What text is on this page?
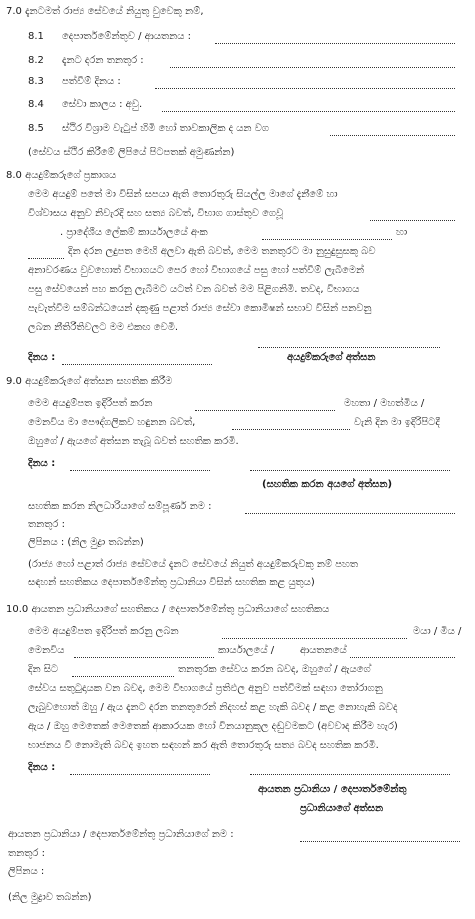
7.0 දැනටමත් රාජ්‍ය සේවයේ නියුතු වුවෙකු නම්,
8.1 දෙපාර්තමේන්තුව / ආයතනය :
8.2 දැනට දරන තනතුර :
8.3 පත්වීම් දිනය :
8.4 සේවා කාලය : අවු.
8.5 ස්ථිර විශ්‍රාම වැටුප් හිමි හෝ තාවකාලික ද යන වග
(සේවය ස්ථිර කිරීමේ ලිපියේ පිටපතක් අමුණන්න)
8.0 අයදුම්කරුගේ ප්‍රකාශය
මෙම අයදුම් පතේ මා විසින් සපයා ඇති තොරතුරු සියල්ල මාගේ දැනීමේ හා
විශ්වාසය අනුව නිවැරදි සහ සත්‍ය බවත්, විභාග ගාස්තුව ගෙවූ
. ප්‍රාදේශීය ලේකම් කාර්යාලයේ අංක	හා
දින දරන ලදුපත මෙහි අලවා ඇති බවත්, මෙම තනතුරට මා නුසුදුසුසකු බව
අනාවරණය වුවහොත් විභාගයට පෙර හෝ විභාගයේ පසු හෝ පත්වීම් ලැබීමෙන්
පසු සේවයෙන් පහ කරනු ලැබීමට යටත් වන බවත් මම පිළිගනිමි. තවද, විභාගය
පැවැත්වීම සම්බන්ධයෙන් දකුණු පළාත් රාජ්‍ය සේවා කොමිෂන් සභාව විසින් පනවනු
ලබන නීතිරීතිවලට මම එකඟ වෙමි.
දිනය :	අයදුම්කරුගේ අත්සන
9.0 අයදුම්කරුගේ අත්සන සහතික කිරීම
මෙම අයදුම්පත ඉදිරිපත් කරන	මහතා / මහත්මිය /
මෙනවිය මා පෞද්ගලිකව හඳුනන බවත්,	වැනි දින මා ඉදිරිපිටදී
ඔහුගේ / ඇයගේ අත්සන තැබූ බවත් සහතික කරමි.
දිනය :
(සහතික කරන අයගේ අත්සන)
සහතික කරන නිලධාරියාගේ සම්පූර්ණ නම :
තනතුර :
ලිපිනය : (නිල මුද්‍රා තබන්න)
(රාජ්‍ය හෝ පළාත් රාජ්‍ය සේවයේ දැනට සේවයේ නියුත් අයදුම්කරුවකු නම් පහත
සඳහන් සහතිකය දෙපාර්තමේන්තු ප්‍රධානියා විසින් සහතික කළ යුතුය)
10.0 ආයතන ප්‍රධානියාගේ සහතිකය / දෙපාර්තමේන්තු ප්‍රධානියාගේ සහතිකය
මෙම අයදුම්පත ඉදිරිපත් කරනු ලබන	මයා / මිය /
මෙනවිය	කාර්යාලයේ /	ආයතනයේ
දින සිට	තනතුරක සේවය කරන බවද, ඔහුගේ / ඇයගේ
සේවය සතුටුදායක වන බවද, මෙම විභාගයේ ප්‍රතිඵල අනුව පත්වීමක් සඳහා තෝරාගනු
ලැබුවහොත් ඔහු / ඇය දැනට දරන තනතුරෙන් නිදහස් කළ හැකි බවද / කළ නොහැකි බවද
ඇය / ඔහු මෙතෙක් මෙතෙක් ආකාරයක හෝ විනයානුකූල දඬුවමකට (අවවාද කිරීම හැර)
භාජනය වී නොමැති බවද ඉහත සඳහන් කර ඇති තොරතුරු සත්‍ය බවද සහතික කරමි.
දිනය :
ආයතන ප්‍රධානියා / දෙපාර්තමේන්තු
ප්‍රධානියාගේ අත්සන
ආයතන ප්‍රධානියා / දෙපාර්තමේන්තු ප්‍රධානියාගේ නම :
තනතුර :
ලිපිනය :
(නිල මුද්‍රාව තබන්න)
